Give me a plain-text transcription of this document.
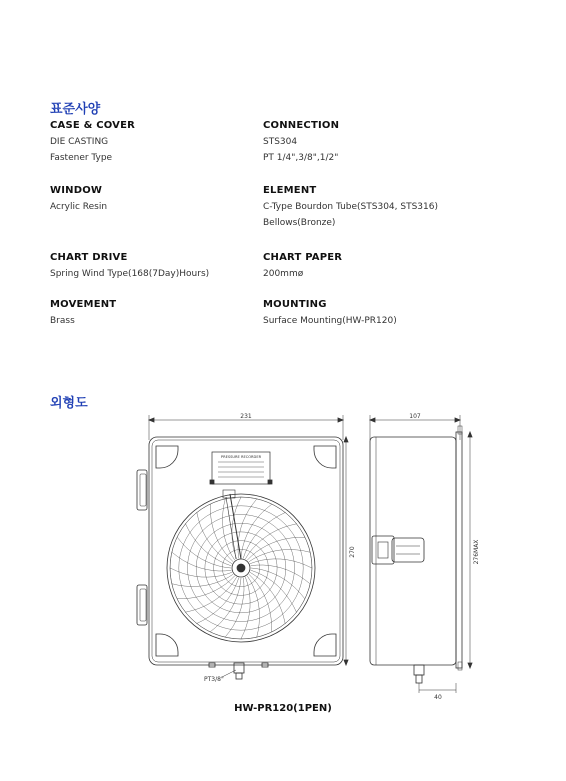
표준사양
CASE & COVER
DIE CASTING
Fastener Type
CONNECTION
STS304
PT 1/4",3/8",1/2"
WINDOW
Acrylic Resin
ELEMENT
C-Type Bourdon Tube(STS304, STS316)
Bellows(Bronze)
CHART DRIVE
Spring Wind Type(168(7Day)Hours)
CHART PAPER
200mmø
MOVEMENT
Brass
MOUNTING
Surface Mounting(HW-PR120)
외형도
231	107
270	276MAX
40
PT3/8"
PRESSURE RECORDER
HW-PR120(1PEN)
